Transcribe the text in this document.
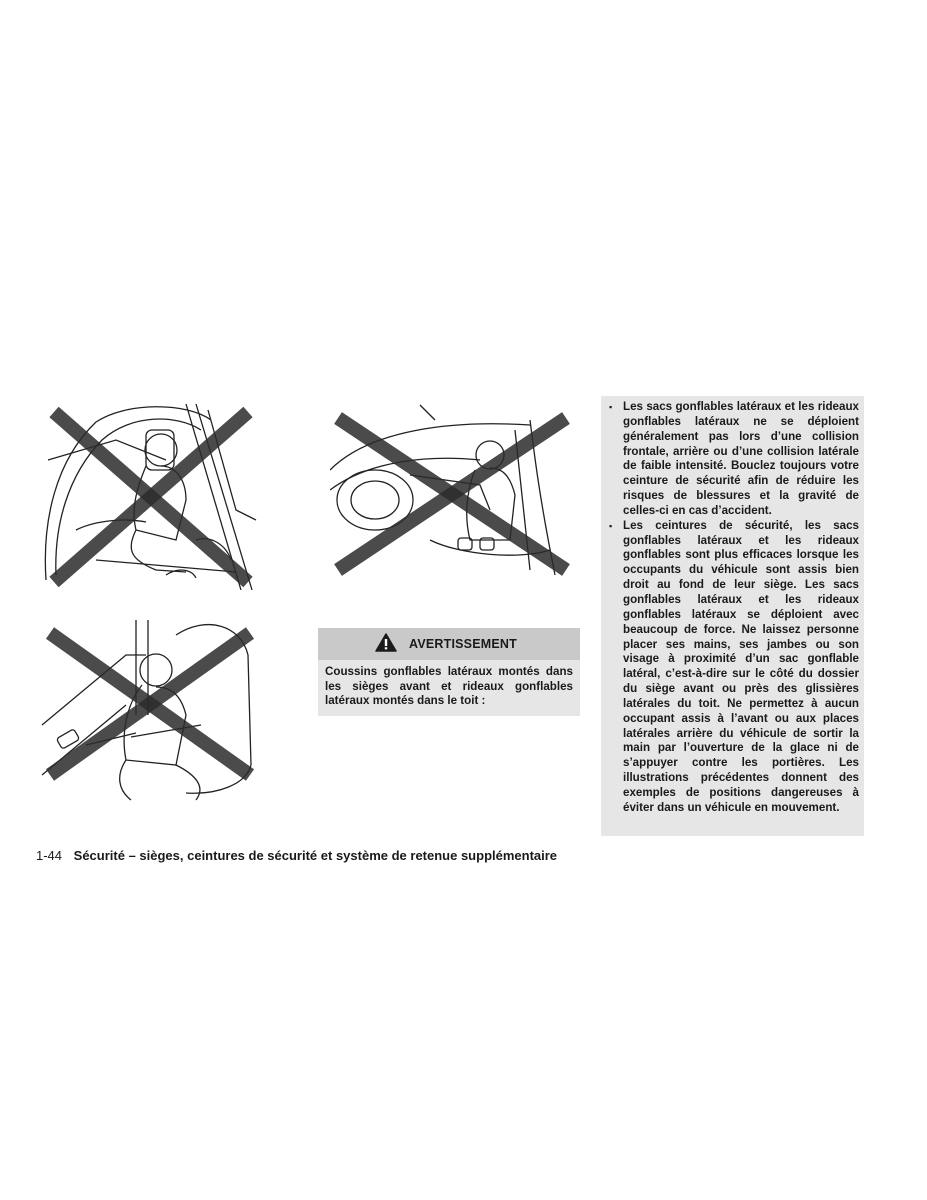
AVERTISSEMENT
Coussins gonflables latéraux montés dans les sièges avant et rideaux gonflables latéraux montés dans le toit :
▪ Les sacs gonflables latéraux et les rideaux gonflables latéraux ne se déploient généralement pas lors d’une collision frontale, arrière ou d’une collision latérale de faible intensité. Bouclez toujours votre ceinture de sécurité afin de réduire les risques de blessures et la gravité de celles-ci en cas d’accident.
▪ Les ceintures de sécurité, les sacs gonflables latéraux et les rideaux gonflables sont plus efficaces lorsque les occupants du véhicule sont assis bien droit au fond de leur siège. Les sacs gonflables latéraux et les rideaux gonflables latéraux se déploient avec beaucoup de force. Ne laissez personne placer ses mains, ses jambes ou son visage à proximité d’un sac gonflable latéral, c’est-à-dire sur le côté du dossier du siège avant ou près des glissières latérales du toit. Ne permettez à aucun occupant assis à l’avant ou aux places latérales arrière du véhicule de sortir la main par l’ouverture de la glace ni de s’appuyer contre les portières. Les illustrations précédentes donnent des exemples de positions dangereuses à éviter dans un véhicule en mouvement.
1-44 Sécurité – sièges, ceintures de sécurité et système de retenue supplémentaire
